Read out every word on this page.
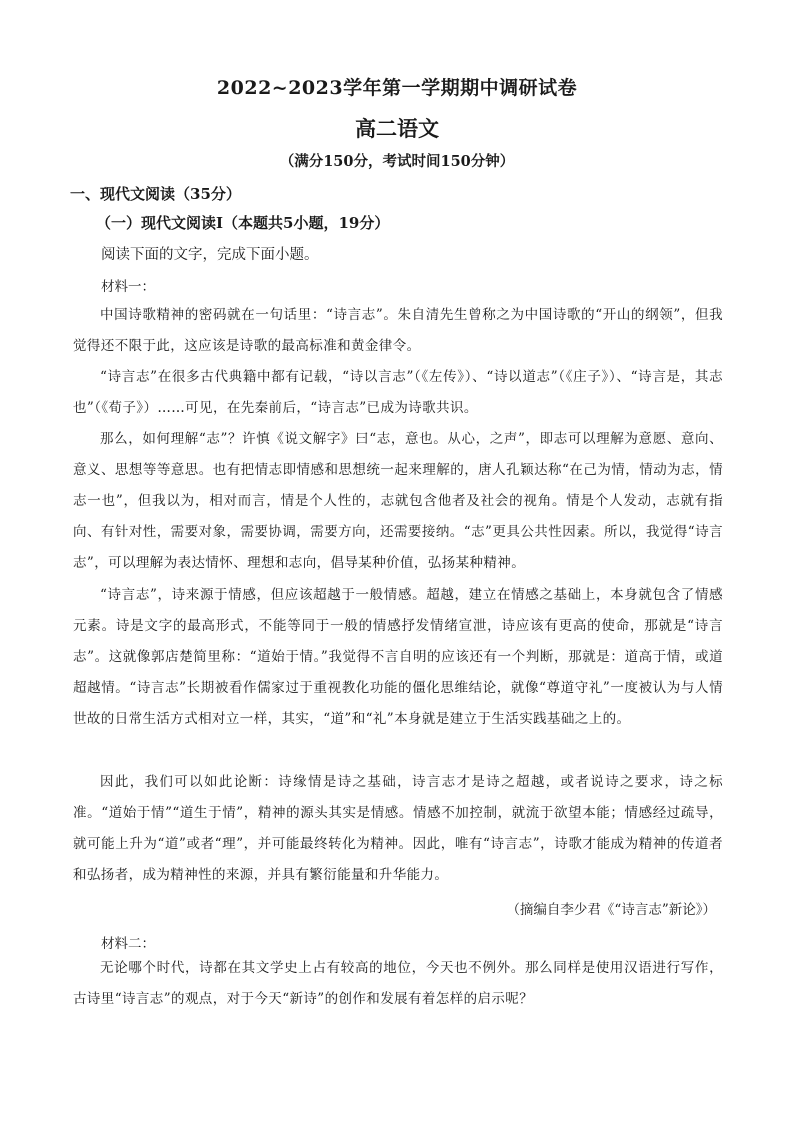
2022~2023学年第一学期期中调研试卷
高二语文
（满分150分，考试时间150分钟）
一、现代文阅读（35分）
（一）现代文阅读Ⅰ（本题共5小题，19分）
阅读下面的文字，完成下面小题。
材料一：

中国诗歌精神的密码就在一句话里：“诗言志”。朱自清先生曾称之为中国诗歌的“开山的纲领”，但我觉得还不限于此，这应该是诗歌的最高标准和黄金律令。

“诗言志”在很多古代典籍中都有记载，“诗以言志”（《左传》）、“诗以道志”（《庄子》）、“诗言是，其志也”（《荀子》）……可见，在先秦前后，“诗言志”已成为诗歌共识。

那么，如何理解“志”？许慎《说文解字》曰“志，意也。从心，之声”，即志可以理解为意愿、意向、意义、思想等等意思。也有把情志即情感和思想统一起来理解的，唐人孔颖达称“在己为情，情动为志，情志一也”，但我以为，相对而言，情是个人性的，志就包含他者及社会的视角。情是个人发动，志就有指向、有针对性，需要对象，需要协调，需要方向，还需要接纳。“志”更具公共性因素。所以，我觉得“诗言志”，可以理解为表达情怀、理想和志向，倡导某种价值，弘扬某种精神。

“诗言志”，诗来源于情感，但应该超越于一般情感。超越，建立在情感之基础上，本身就包含了情感元素。诗是文字的最高形式，不能等同于一般的情感抒发情绪宣泄，诗应该有更高的使命，那就是“诗言志”。这就像郭店楚简里称：“道始于情。”我觉得不言自明的应该还有一个判断，那就是：道高于情，或道超越情。“诗言志”长期被看作儒家过于重视教化功能的僵化思维结论，就像“尊道守礼”一度被认为与人情世故的日常生活方式相对立一样，其实，“道”和“礼”本身就是建立于生活实践基础之上的。

因此，我们可以如此论断：诗缘情是诗之基础，诗言志才是诗之超越，或者说诗之要求，诗之标准。“道始于情”“道生于情”，精神的源头其实是情感。情感不加控制，就流于欲望本能；情感经过疏导，就可能上升为“道”或者“理”，并可能最终转化为精神。因此，唯有“诗言志”，诗歌才能成为精神的传道者和弘扬者，成为精神性的来源，并具有繁衍能量和升华能力。

（摘编自李少君《“诗言志”新论》）
材料二：

无论哪个时代，诗都在其文学史上占有较高的地位，今天也不例外。那么同样是使用汉语进行写作，古诗里“诗言志”的观点，对于今天“新诗”的创作和发展有着怎样的启示呢？
